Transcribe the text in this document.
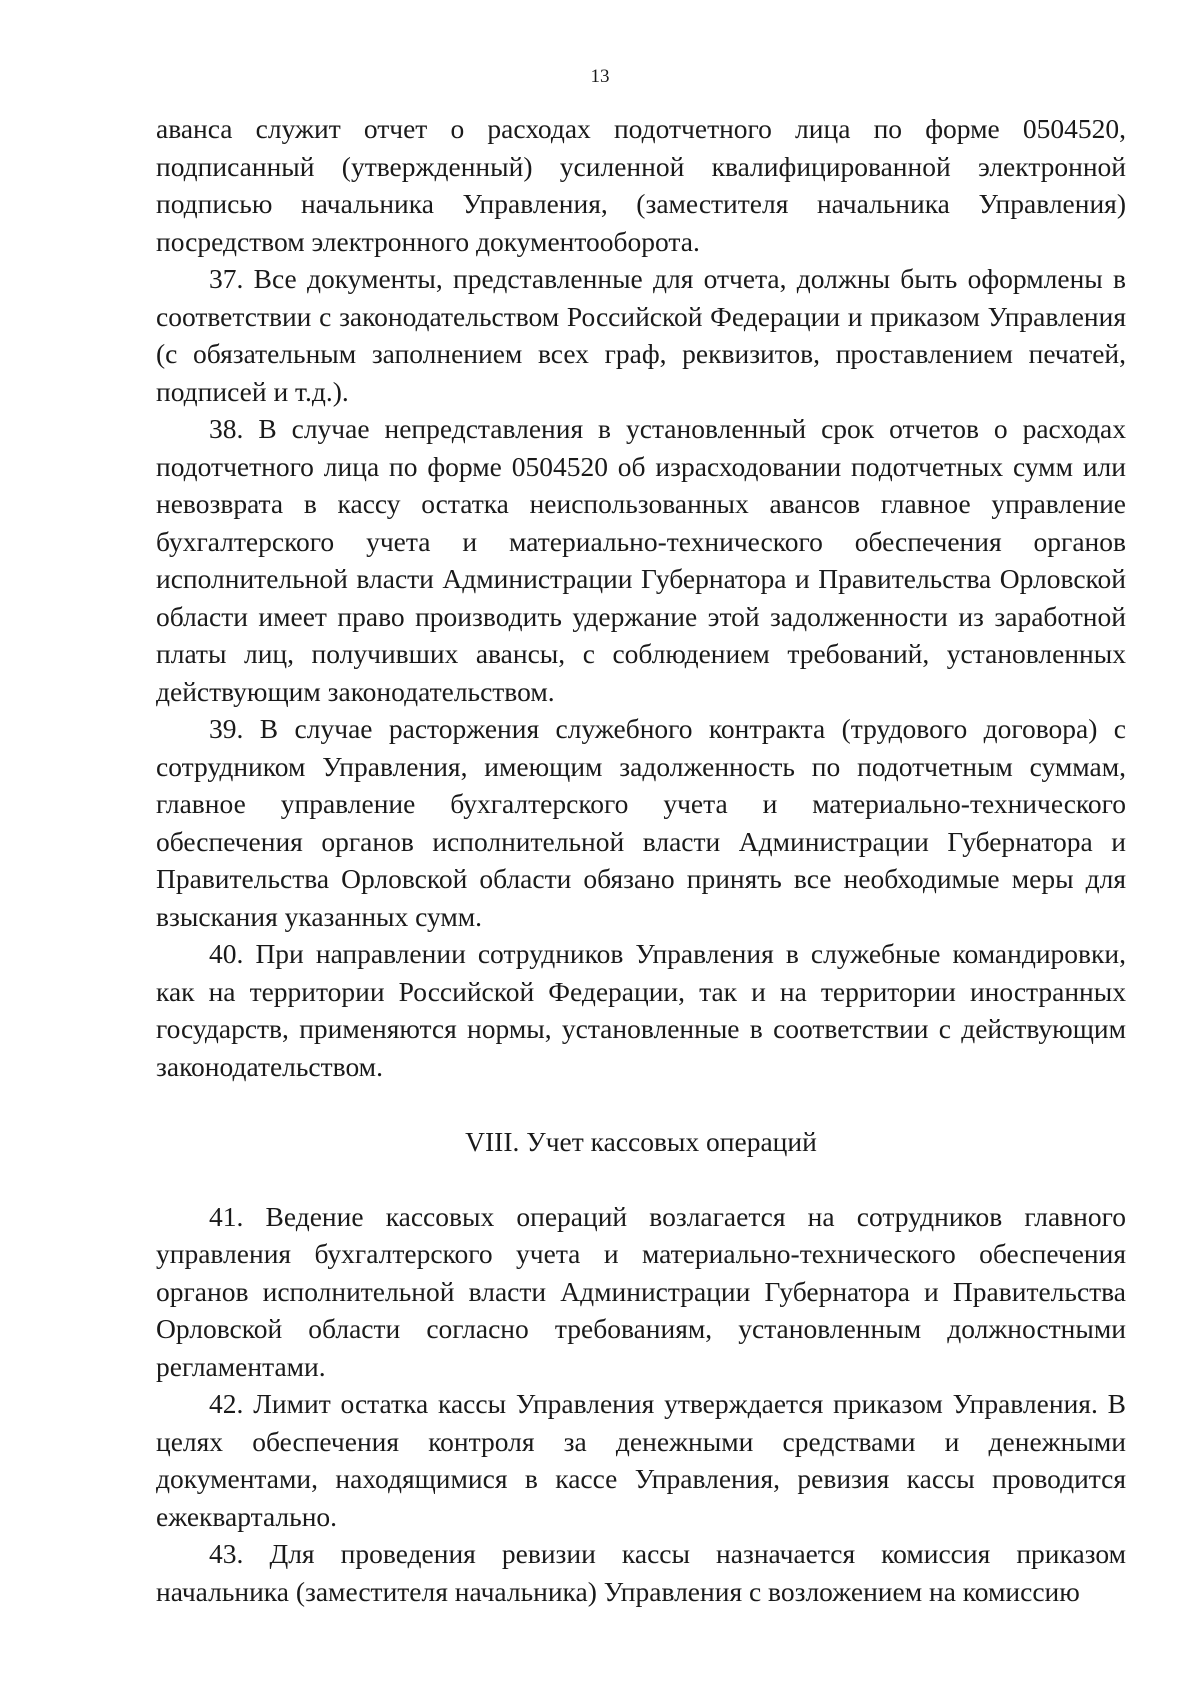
13

аванса служит отчет о расходах подотчетного лица по форме 0504520, подписанный (утвержденный) усиленной квалифицированной электронной подписью начальника Управления, (заместителя начальника Управления) посредством электронного документооборота.

37. Все документы, представленные для отчета, должны быть оформлены в соответствии с законодательством Российской Федерации и приказом Управления (с обязательным заполнением всех граф, реквизитов, проставлением печатей, подписей и т.д.).

38. В случае непредставления в установленный срок отчетов о расходах подотчетного лица по форме 0504520 об израсходовании подотчетных сумм или невозврата в кассу остатка неиспользованных авансов главное управление бухгалтерского учета и материально-технического обеспечения органов исполнительной власти Администрации Губернатора и Правительства Орловской области имеет право производить удержание этой задолженности из заработной платы лиц, получивших авансы, с соблюдением требований, установленных действующим законодательством.

39. В случае расторжения служебного контракта (трудового договора) с сотрудником Управления, имеющим задолженность по подотчетным суммам, главное управление бухгалтерского учета и материально-технического обеспечения органов исполнительной власти Администрации Губернатора и Правительства Орловской области обязано принять все необходимые меры для взыскания указанных сумм.

40. При направлении сотрудников Управления в служебные командировки, как на территории Российской Федерации, так и на территории иностранных государств, применяются нормы, установленные в соответствии с действующим законодательством.

VIII. Учет кассовых операций

41. Ведение кассовых операций возлагается на сотрудников главного управления бухгалтерского учета и материально-технического обеспечения органов исполнительной власти Администрации Губернатора и Правительства Орловской области согласно требованиям, установленным должностными регламентами.

42. Лимит остатка кассы Управления утверждается приказом Управления. В целях обеспечения контроля за денежными средствами и денежными документами, находящимися в кассе Управления, ревизия кассы проводится ежеквартально.

43. Для проведения ревизии кассы назначается комиссия приказом начальника (заместителя начальника) Управления с возложением на комиссию
